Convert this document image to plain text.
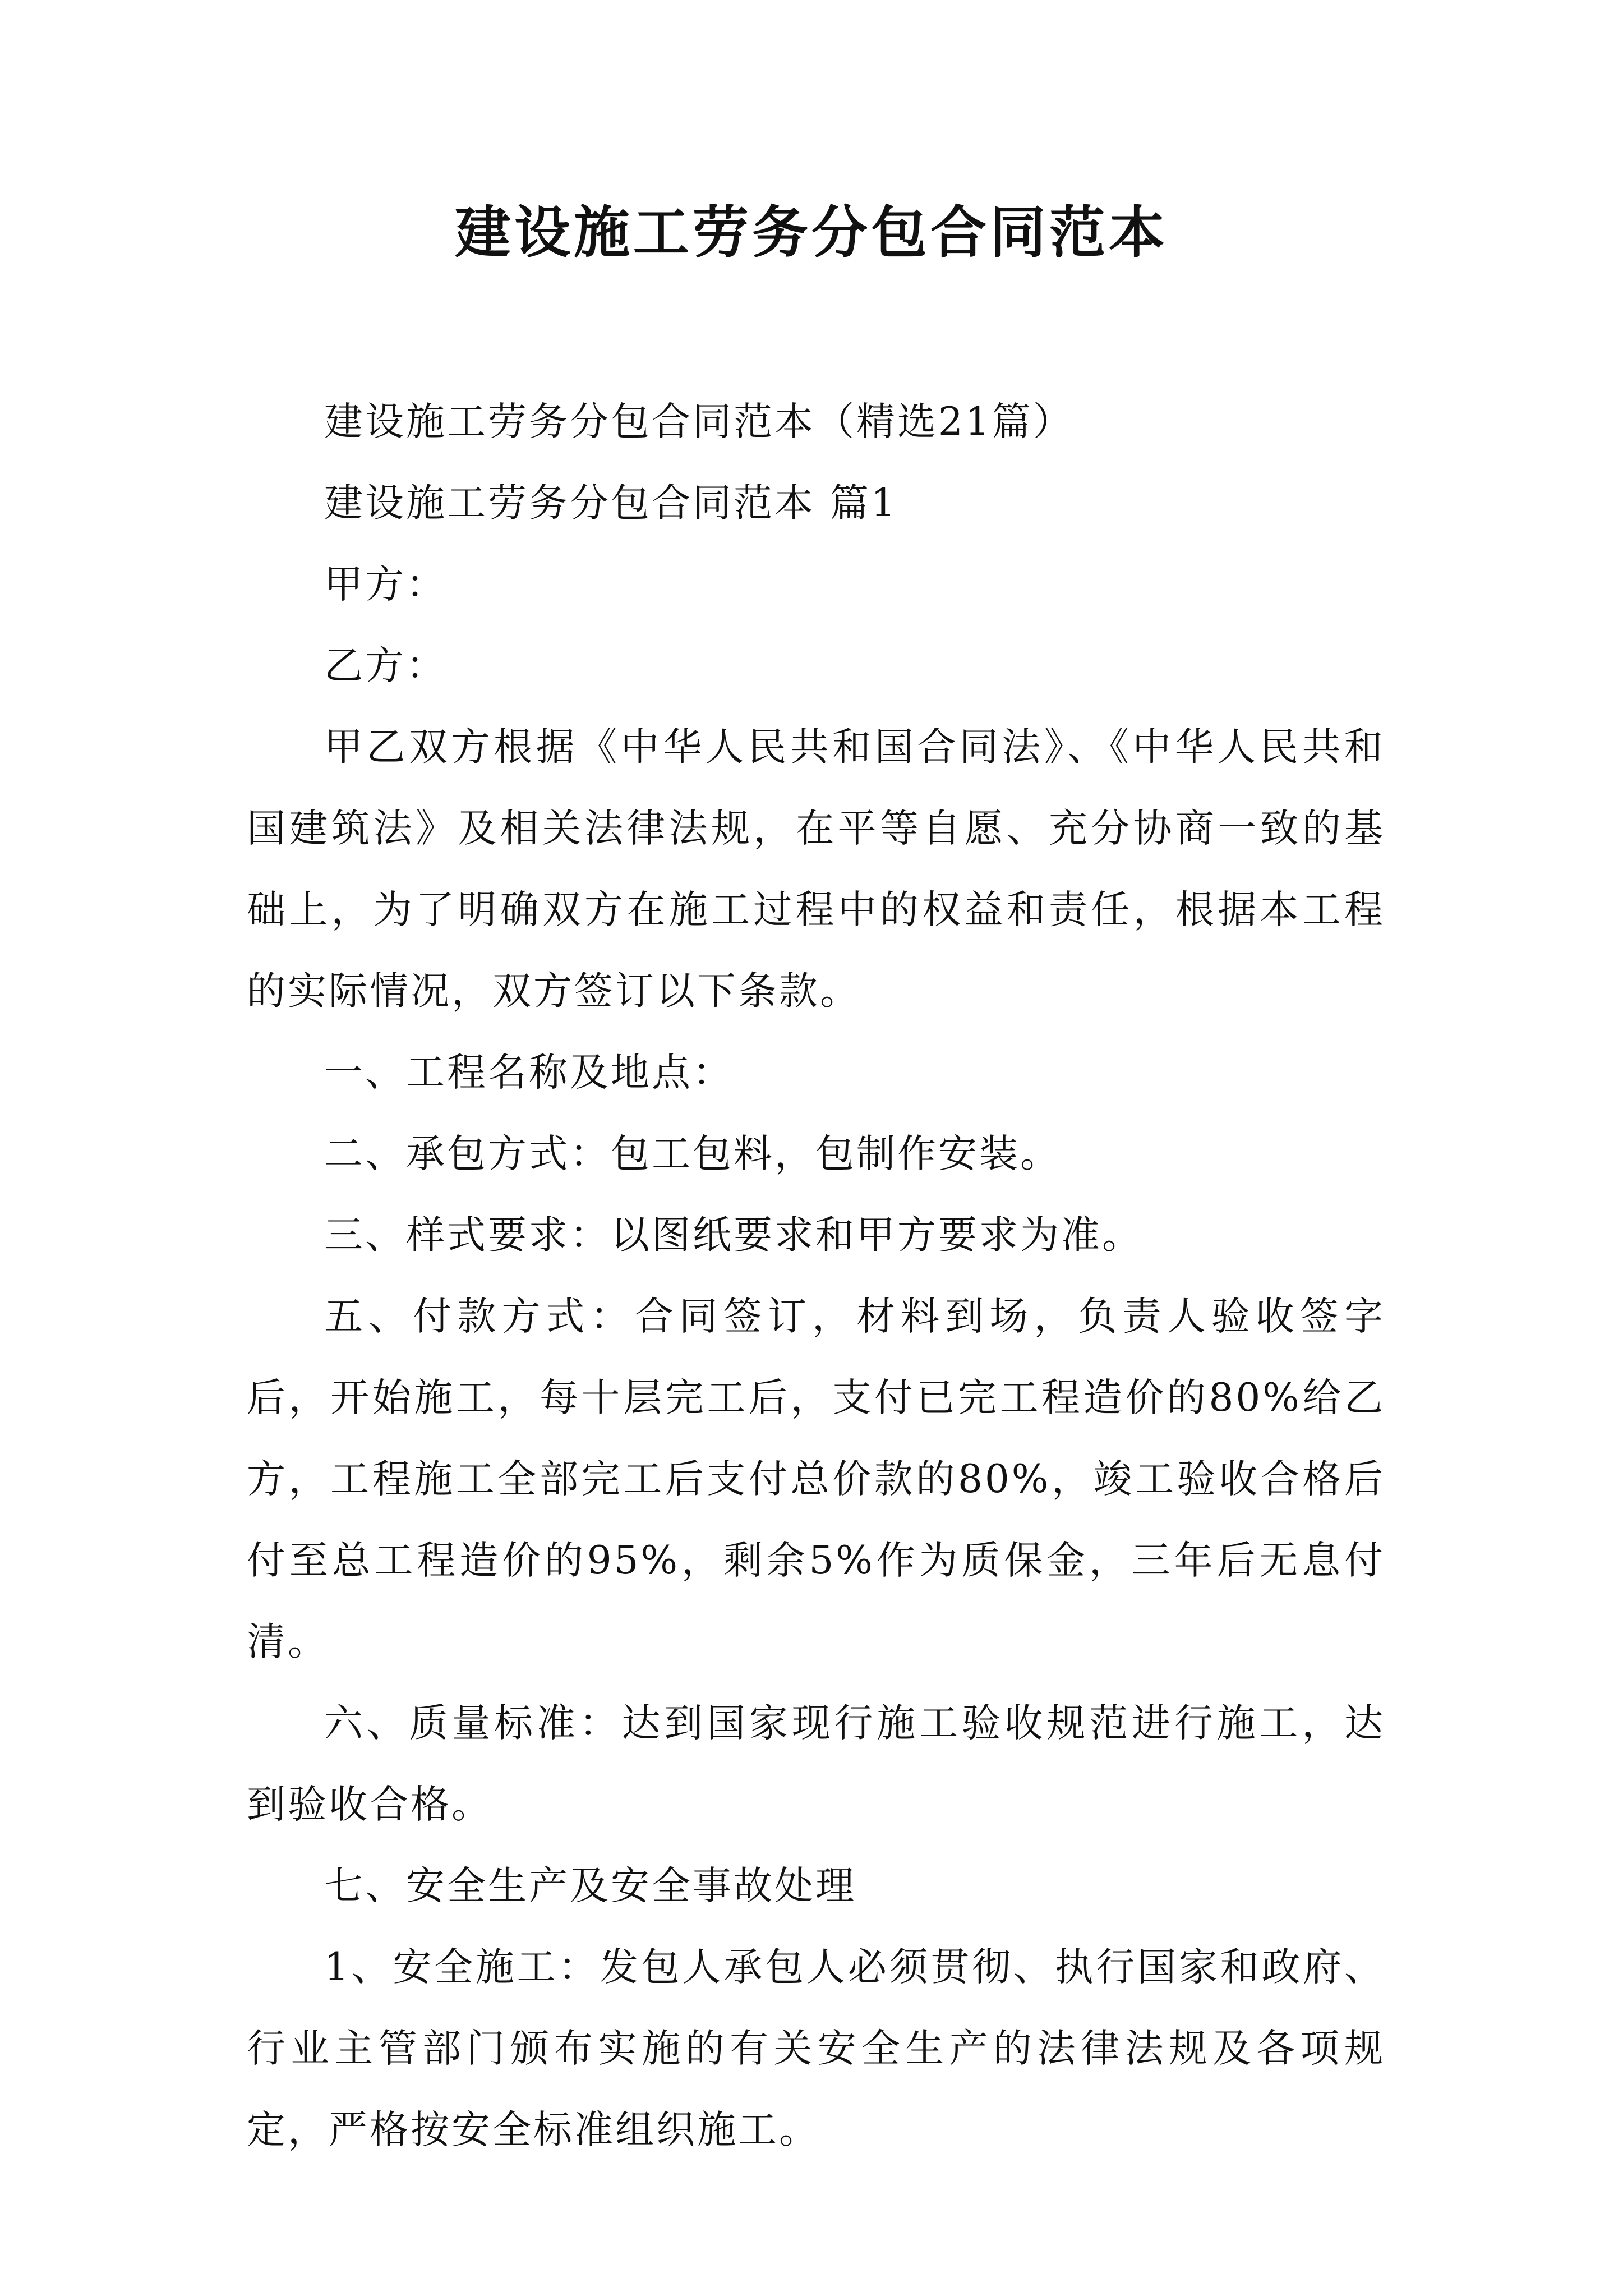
建设施工劳务分包合同范本

建设施工劳务分包合同范本（精选21篇）

建设施工劳务分包合同范本 篇1

甲方：

乙方：

甲乙双方根据《中华人民共和国合同法》、《中华人民共和国建筑法》及相关法律法规，在平等自愿、充分协商一致的基础上，为了明确双方在施工过程中的权益和责任，根据本工程的实际情况，双方签订以下条款。

一、工程名称及地点：

二、承包方式：包工包料，包制作安装。

三、样式要求：以图纸要求和甲方要求为准。

五、付款方式：合同签订，材料到场，负责人验收签字后，开始施工，每十层完工后，支付已完工程造价的80%给乙方，工程施工全部完工后支付总价款的80%，竣工验收合格后付至总工程造价的95%，剩余5%作为质保金，三年后无息付清。

六、质量标准：达到国家现行施工验收规范进行施工，达到验收合格。

七、安全生产及安全事故处理

1、安全施工：发包人承包人必须贯彻、执行国家和政府、行业主管部门颁布实施的有关安全生产的法律法规及各项规定，严格按安全标准组织施工。
